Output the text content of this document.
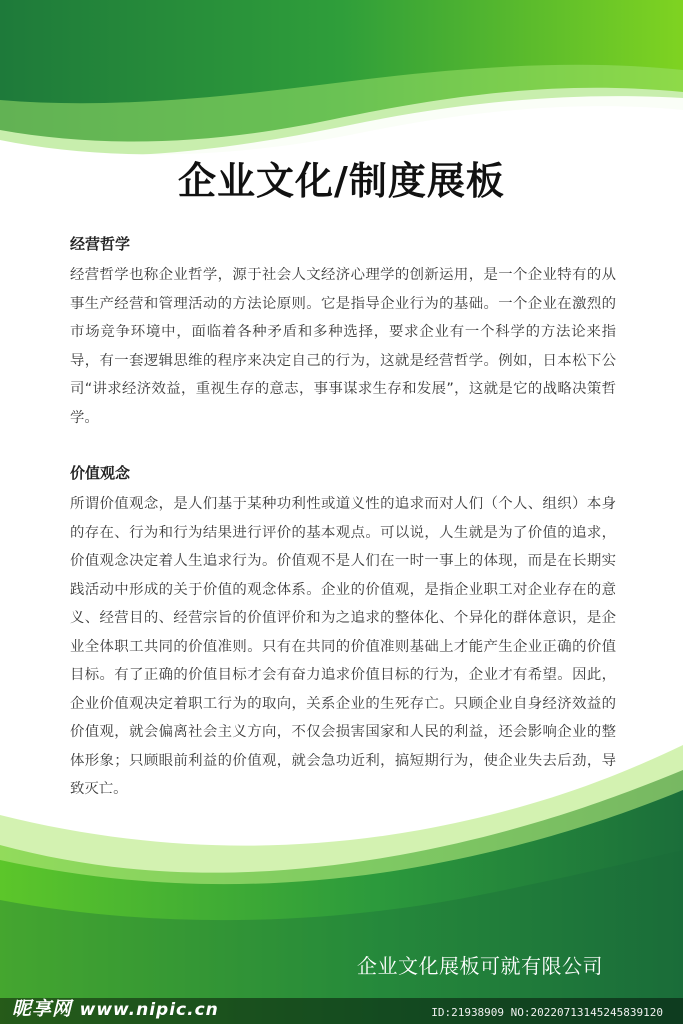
企业文化/制度展板
经营哲学

经营哲学也称企业哲学，源于社会人文经济心理学的创新运用，是一个企业特有的从事生产经营和管理活动的方法论原则。它是指导企业行为的基础。一个企业在激烈的市场竞争环境中，面临着各种矛盾和多种选择，要求企业有一个科学的方法论来指导，有一套逻辑思维的程序来决定自己的行为，这就是经营哲学。例如，日本松下公司“讲求经济效益，重视生存的意志，事事谋求生存和发展”，这就是它的战略决策哲学。

价值观念

所谓价值观念，是人们基于某种功利性或道义性的追求而对人们（个人、组织）本身的存在、行为和行为结果进行评价的基本观点。可以说，人生就是为了价值的追求，价值观念决定着人生追求行为。价值观不是人们在一时一事上的体现，而是在长期实践活动中形成的关于价值的观念体系。企业的价值观，是指企业职工对企业存在的意义、经营目的、经营宗旨的价值评价和为之追求的整体化、个异化的群体意识，是企业全体职工共同的价值准则。只有在共同的价值准则基础上才能产生企业正确的价值目标。有了正确的价值目标才会有奋力追求价值目标的行为，企业才有希望。因此，企业价值观决定着职工行为的取向，关系企业的生死存亡。只顾企业自身经济效益的价值观，就会偏离社会主义方向，不仅会损害国家和人民的利益，还会影响企业的整体形象；只顾眼前利益的价值观，就会急功近利，搞短期行为，使企业失去后劲，导致灭亡。

企业文化展板可就有限公司
昵享网 www.nipic.cn	ID:21938909 NO:20220713145245839120
